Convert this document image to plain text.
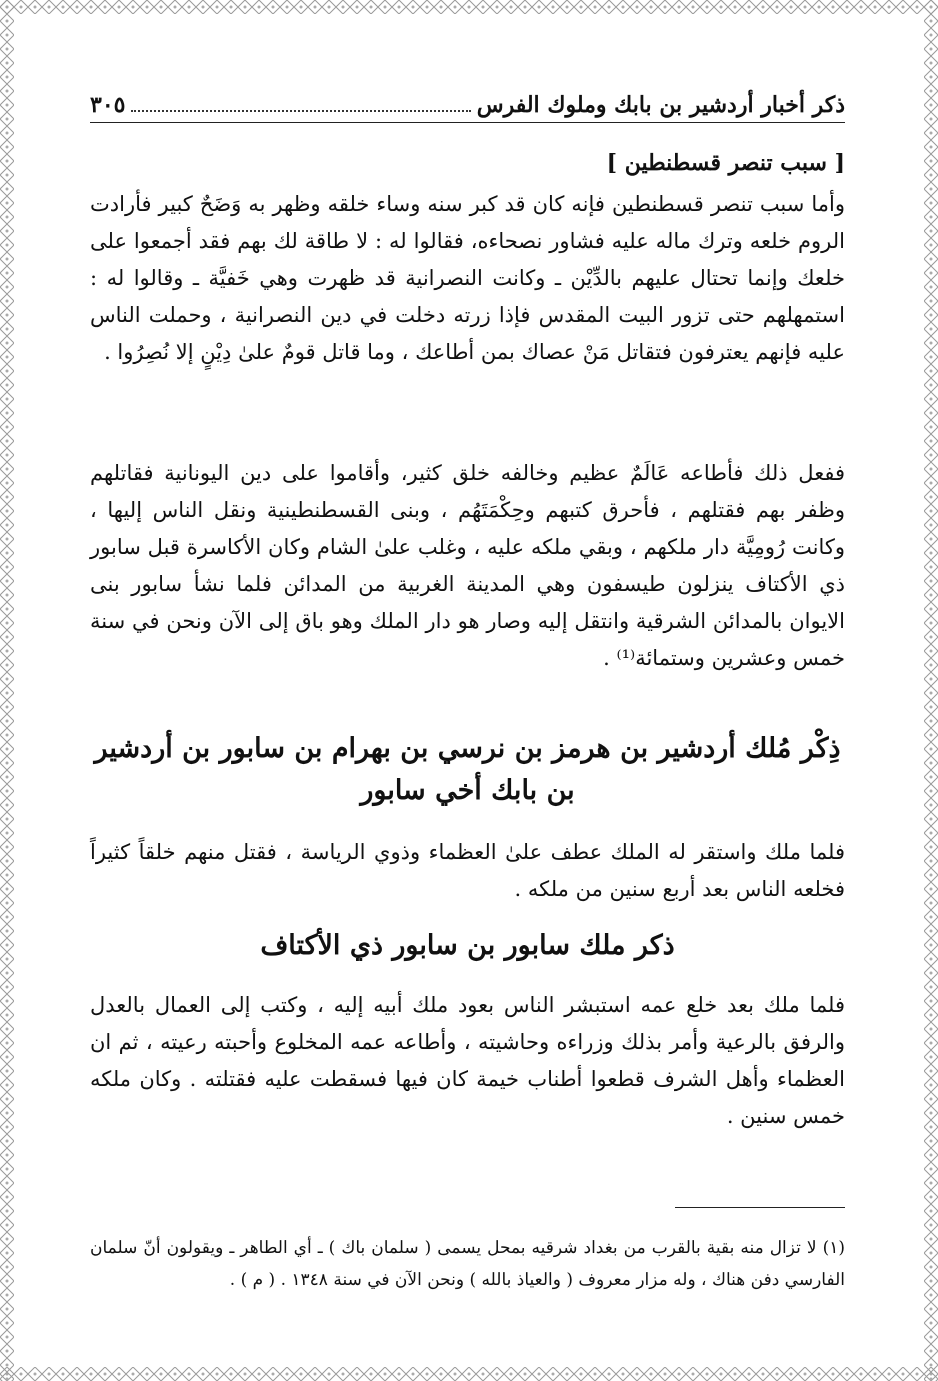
ذكر أخبار أردشير بن بابك وملوك الفرس
٣٠٥
[ سبب تنصر قسطنطين ]
وأما سبب تنصر قسطنطين فإنه كان قد كبر سنه وساء خلقه وظهر به وَضَحٌ كبير فأرادت الروم خلعه وترك ماله عليه فشاور نصحاءه، فقالوا له : لا طاقة لك بهم فقد أجمعوا على خلعك وإنما تحتال عليهم بالدِّيْن ـ وكانت النصرانية قد ظهرت وهي خَفيَّة ـ وقالوا له : استمهلهم حتى تزور البيت المقدس فإذا زرته دخلت في دين النصرانية ، وحملت الناس عليه فإنهم يعترفون فتقاتل مَنْ عصاك بمن أطاعك ، وما قاتل قومٌ علىٰ دِيْنٍ إلا نُصِرُوا .
ففعل ذلك فأطاعه عَالَمٌ عظيم وخالفه خلق كثير، وأقاموا على دين اليونانية فقاتلهم وظفر بهم فقتلهم ، فأحرق كتبهم وحِكْمَتَهُم ، وبنى القسطنطينية ونقل الناس إليها ، وكانت رُومِيَّة دار ملكهم ، وبقي ملكه عليه ، وغلب علىٰ الشام وكان الأكاسرة قبل سابور ذي الأكتاف ينزلون طيسفون وهي المدينة الغربية من المدائن فلما نشأ سابور بنى الايوان بالمدائن الشرقية وانتقل إليه وصار هو دار الملك وهو باق إلى الآن ونحن في سنة خمس وعشرين وستمائة⁽¹⁾ .
ذِكْر مُلك أردشير بن هرمز بن نرسي بن بهرام بن سابور بن أردشير بن بابك أخي سابور
فلما ملك واستقر له الملك عطف علىٰ العظماء وذوي الرياسة ، فقتل منهم خلقاً كثيراً فخلعه الناس بعد أربع سنين من ملكه .
ذكر ملك سابور بن سابور ذي الأكتاف
فلما ملك بعد خلع عمه استبشر الناس بعود ملك أبيه إليه ، وكتب إلى العمال بالعدل والرفق بالرعية وأمر بذلك وزراءه وحاشيته ، وأطاعه عمه المخلوع وأحبته رعيته ، ثم ان العظماء وأهل الشرف قطعوا أطناب خيمة كان فيها فسقطت عليه فقتلته . وكان ملكه خمس سنين .
(١) لا تزال منه بقية بالقرب من بغداد شرقيه بمحل يسمى ( سلمان باك ) ـ أي الطاهر ـ ويقولون أنّ سلمان الفارسي دفن هناك ، وله مزار معروف ( والعياذ بالله ) ونحن الآن في سنة ١٣٤٨ . ( م ) .
